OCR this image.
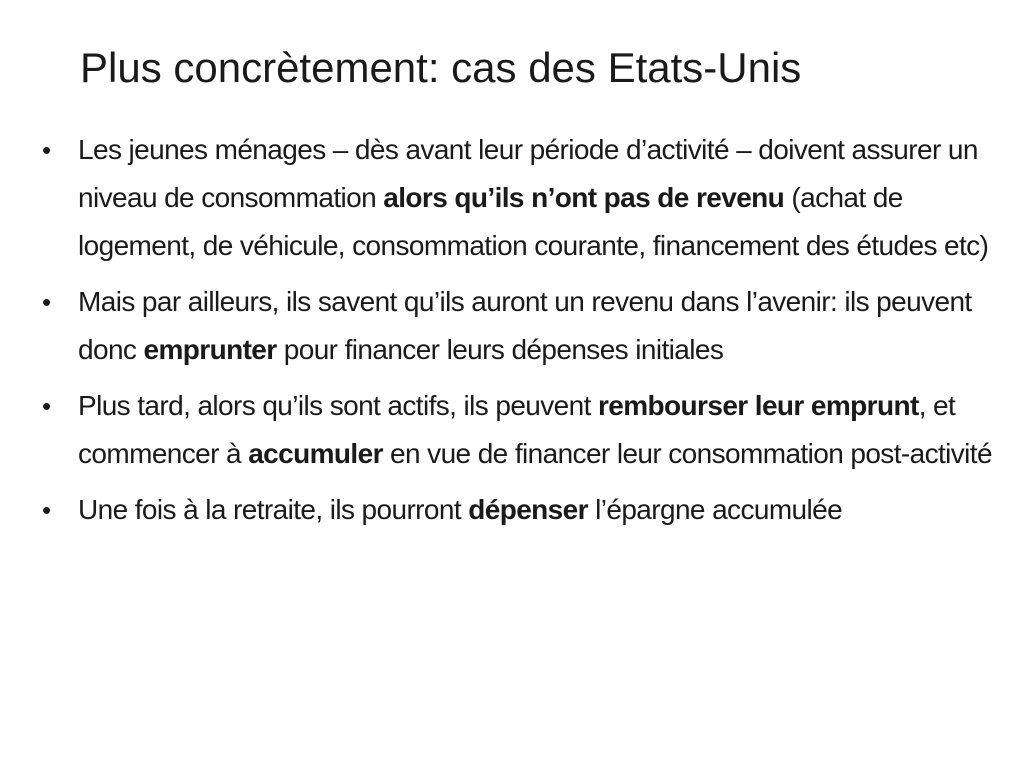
Plus concrètement: cas des Etats-Unis
• Les jeunes ménages – dès avant leur période d’activité – doivent assurer un niveau de consommation alors qu’ils n’ont pas de revenu (achat de logement, de véhicule, consommation courante, financement des études etc)
• Mais par ailleurs, ils savent qu’ils auront un revenu dans l’avenir: ils peuvent donc emprunter pour financer leurs dépenses initiales
• Plus tard, alors qu’ils sont actifs, ils peuvent rembourser leur emprunt, et commencer à accumuler en vue de financer leur consommation post-activité
• Une fois à la retraite, ils pourront dépenser l’épargne accumulée
